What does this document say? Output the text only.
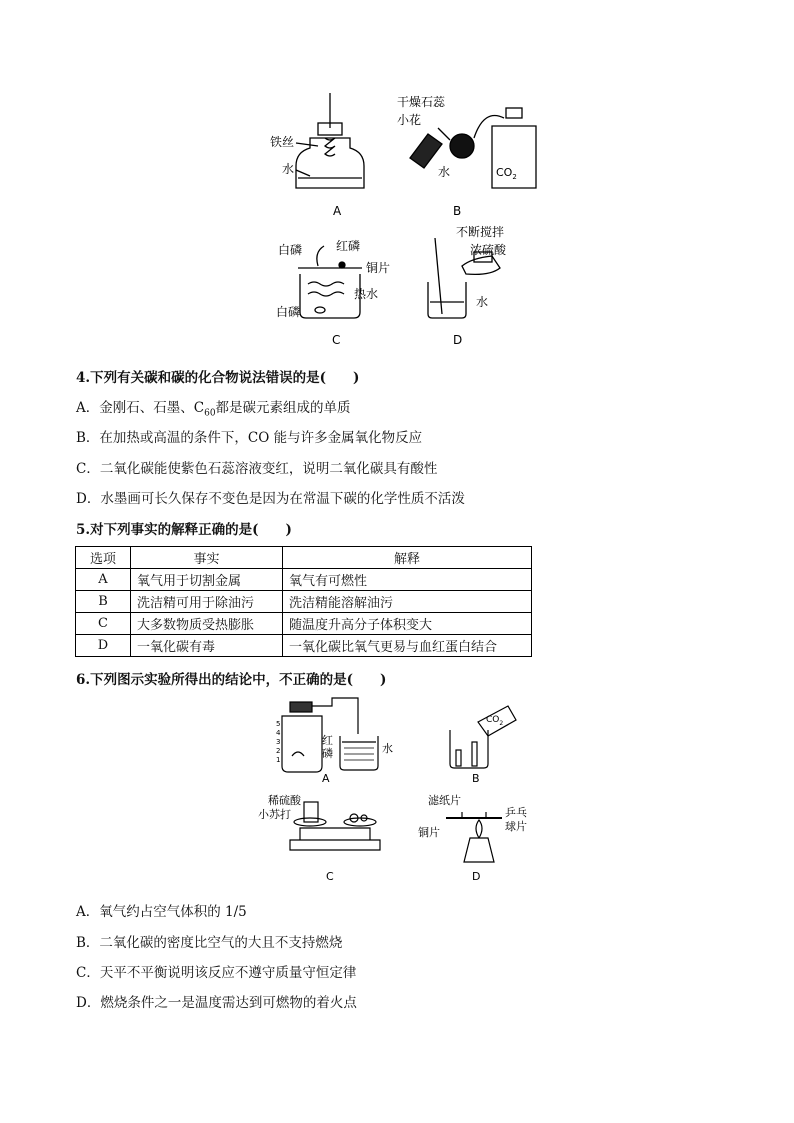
铁丝
水
A
干燥石蕊
小花
水	$CO_2$
B
白磷	红磷
铜片
热水
白磷
C
不断搅拌
浓硫酸
水
D
4.下列有关碳和碳的化合物说法错误的是(　　)
A．金刚石、石墨、$C_{60}$都是碳元素组成的单质
B．在加热或高温的条件下，CO 能与许多金属氧化物反应
C．二氧化碳能使紫色石蕊溶液变红，说明二氧化碳具有酸性
D．水墨画可长久保存不变色是因为在常温下碳的化学性质不活泼
5.对下列事实的解释正确的是(　　)
选项	事实	解释
A	氧气用于切割金属	氧气有可燃性
B	洗洁精可用于除油污	洗洁精能溶解油污
C	大多数物质受热膨胀	随温度升高分子体积变大
D	一氧化碳有毒	一氧化碳比氧气更易与血红蛋白结合
6.下列图示实验所得出的结论中，不正确的是(　　)
5
4
3
2
1
红
磷	水
A
$CO_2$
B
稀硫酸
小苏打
C
滤纸片
乒乓
球片
铜片
D
A．氧气约占空气体积的 1/5
B．二氧化碳的密度比空气的大且不支持燃烧
C．天平不平衡说明该反应不遵守质量守恒定律
D．燃烧条件之一是温度需达到可燃物的着火点
